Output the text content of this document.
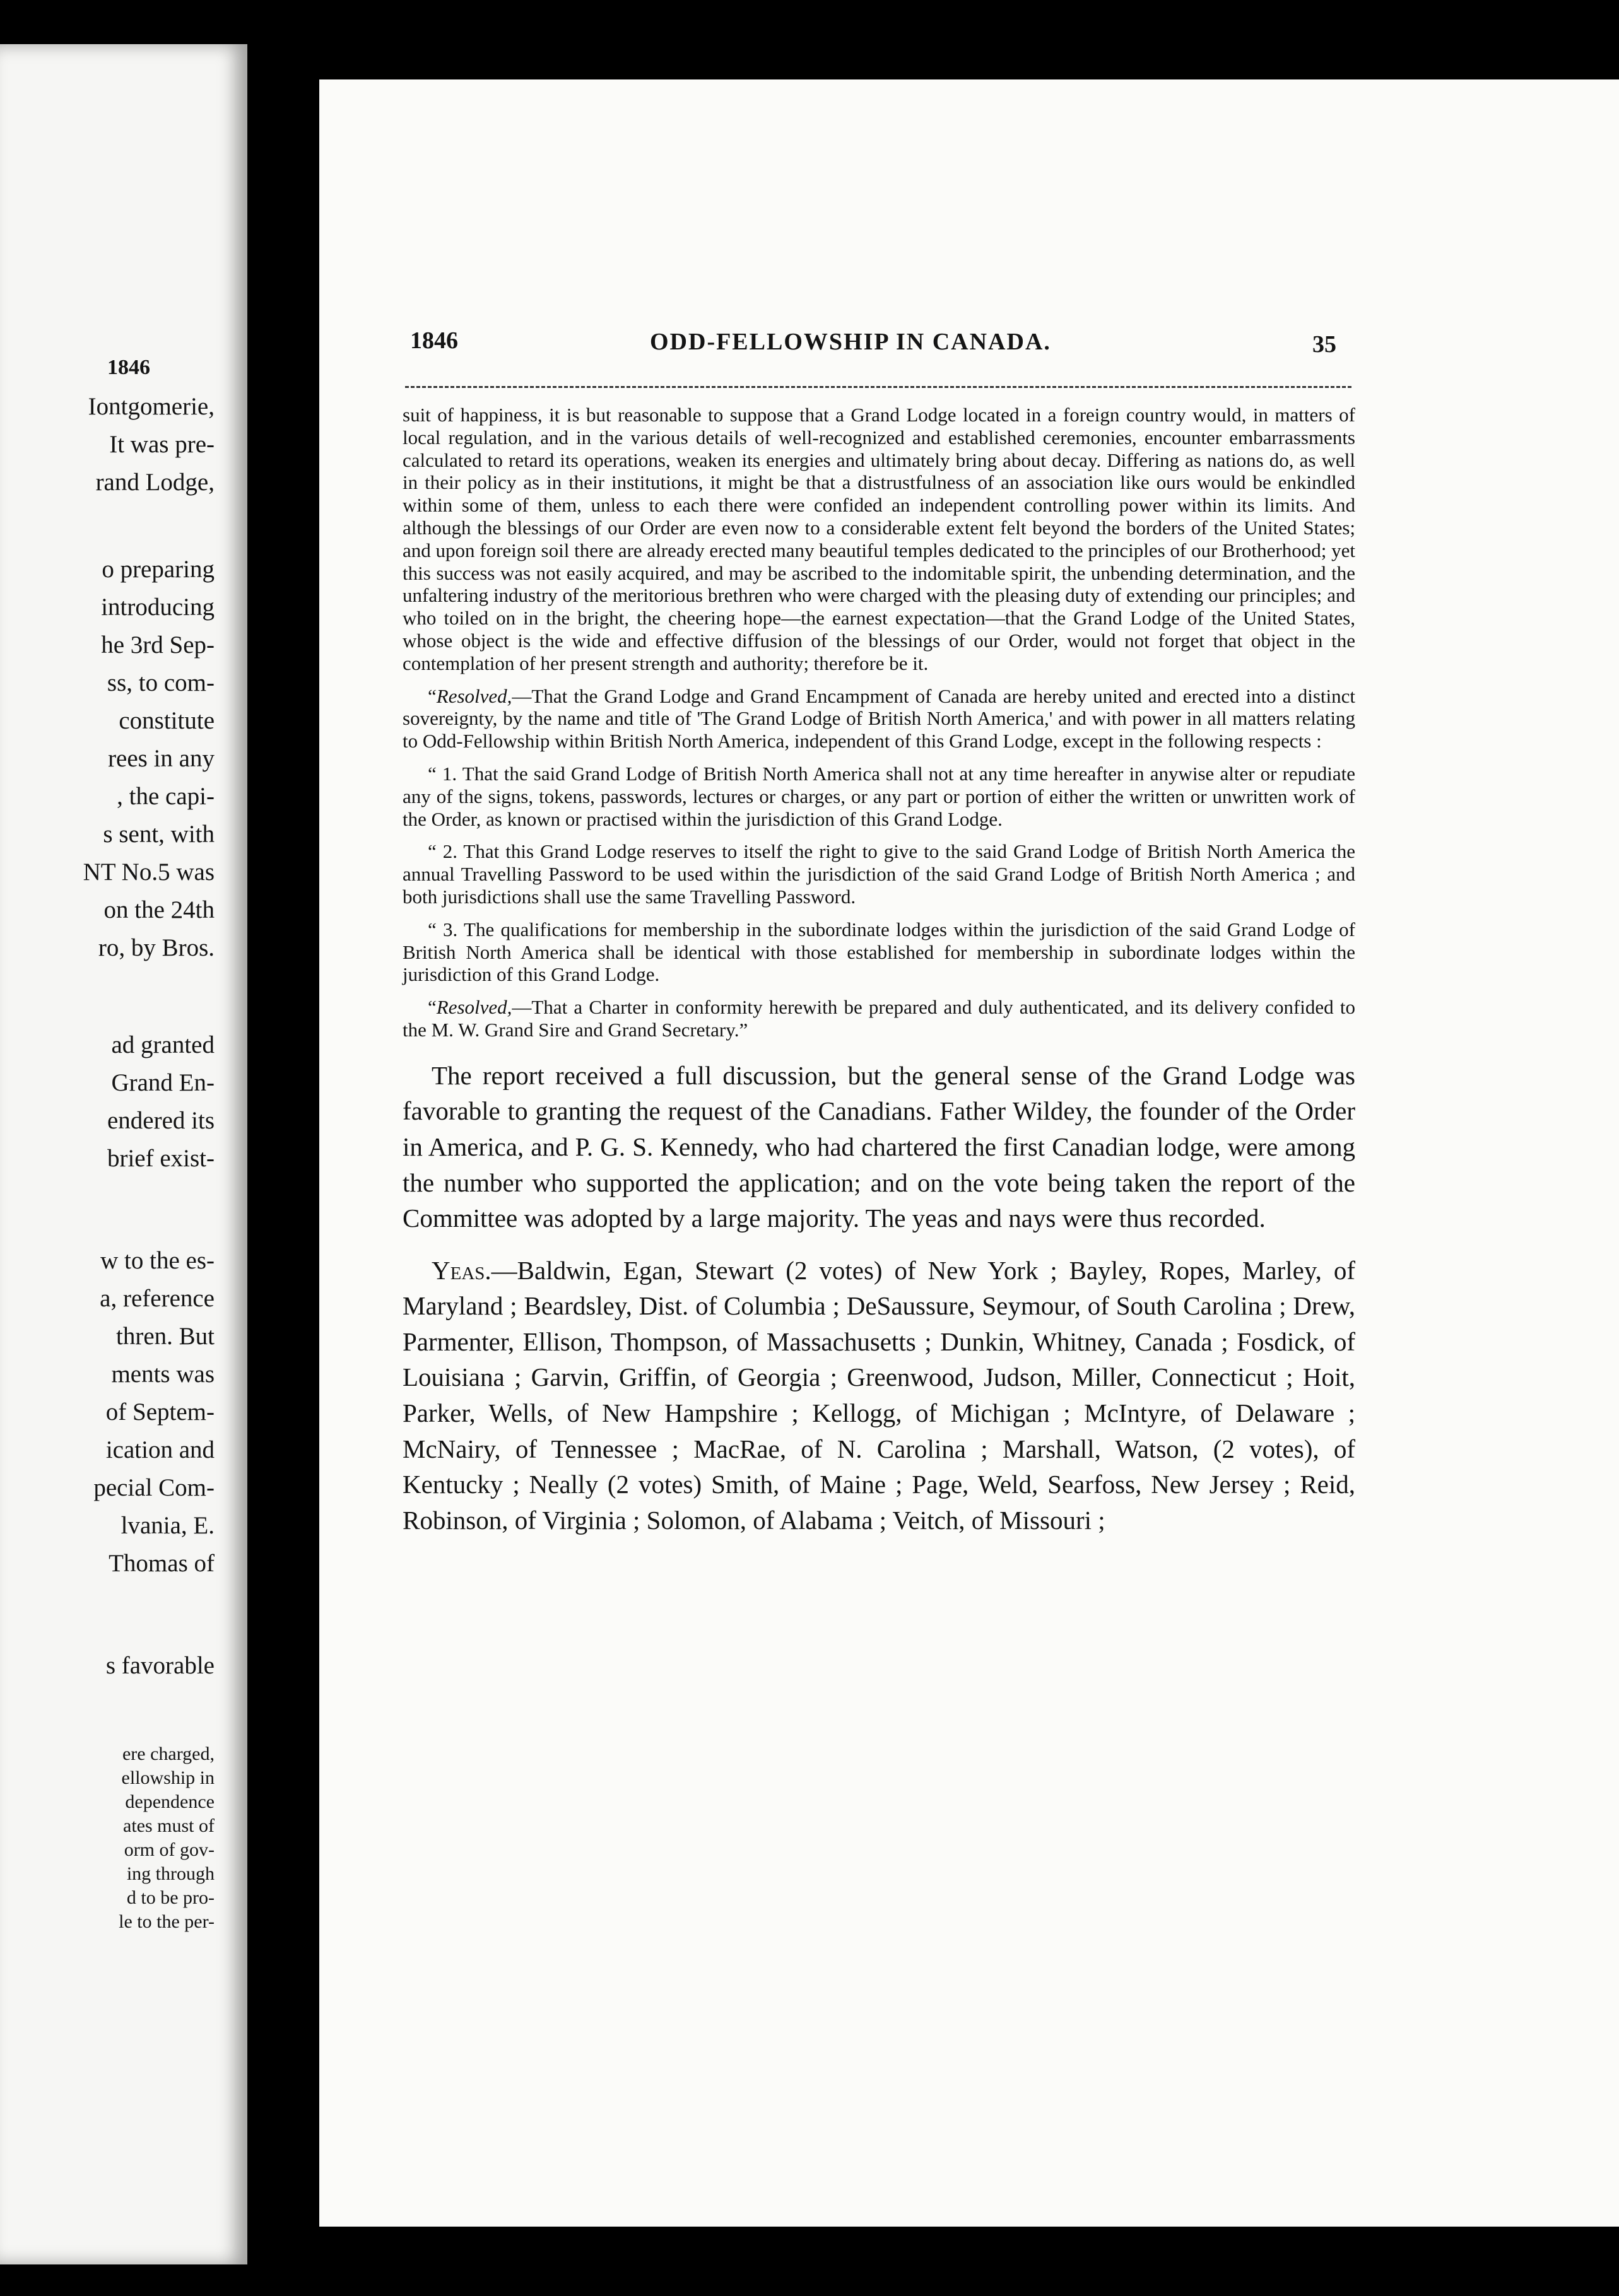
1846
Iontgomerie,
It was pre-
rand Lodge,
o preparing
introducing
he 3rd Sep-
ss, to com-
constitute
rees in any
, the capi-
s sent, with
NT No.5 was
on the 24th
ro, by Bros.
ad granted
Grand En-
endered its
brief exist-
w to the es-
a, reference
thren. But
ments was
of Septem-
ication and
pecial Com-
lvania, E.
Thomas of
s favorable
ere charged,
ellowship in
dependence
ates must of
orm of gov-
ing through
d to be pro-
le to the per-
1846	ODD-FELLOWSHIP IN CANADA.	35

suit of happiness, it is but reasonable to suppose that a Grand Lodge located in a foreign country would, in matters of local regulation, and in the various details of well-recognized and established ceremonies, encounter embarrassments calculated to retard its operations, weaken its energies and ultimately bring about decay. Differing as nations do, as well in their policy as in their institutions, it might be that a distrustfulness of an association like ours would be enkindled within some of them, unless to each there were confided an independent controlling power within its limits. And although the blessings of our Order are even now to a considerable extent felt beyond the borders of the United States; and upon foreign soil there are already erected many beautiful temples dedicated to the principles of our Brotherhood; yet this success was not easily acquired, and may be ascribed to the indomitable spirit, the unbending determination, and the unfaltering industry of the meritorious brethren who were charged with the pleasing duty of extending our principles; and who toiled on in the bright, the cheering hope—the earnest expectation—that the Grand Lodge of the United States, whose object is the wide and effective diffusion of the blessings of our Order, would not forget that object in the contemplation of her present strength and authority; therefore be it.

“Resolved,—That the Grand Lodge and Grand Encampment of Canada are hereby united and erected into a distinct sovereignty, by the name and title of 'The Grand Lodge of British North America,' and with power in all matters relating to Odd-Fellowship within British North America, independent of this Grand Lodge, except in the following respects :

“ 1. That the said Grand Lodge of British North America shall not at any time hereafter in anywise alter or repudiate any of the signs, tokens, passwords, lectures or charges, or any part or portion of either the written or unwritten work of the Order, as known or practised within the jurisdiction of this Grand Lodge.

“ 2. That this Grand Lodge reserves to itself the right to give to the said Grand Lodge of British North America the annual Travelling Password to be used within the jurisdiction of the said Grand Lodge of British North America ; and both jurisdictions shall use the same Travelling Password.

“ 3. The qualifications for membership in the subordinate lodges within the jurisdiction of the said Grand Lodge of British North America shall be identical with those established for membership in subordinate lodges within the jurisdiction of this Grand Lodge.

“Resolved,—That a Charter in conformity herewith be prepared and duly authenticated, and its delivery confided to the M. W. Grand Sire and Grand Secretary.”

The report received a full discussion, but the general sense of the Grand Lodge was favorable to granting the request of the Canadians. Father Wildey, the founder of the Order in America, and P. G. S. Kennedy, who had chartered the first Canadian lodge, were among the number who supported the application; and on the vote being taken the report of the Committee was adopted by a large majority. The yeas and nays were thus recorded.

Yeas.—Baldwin, Egan, Stewart (2 votes) of New York ; Bayley, Ropes, Marley, of Maryland ; Beardsley, Dist. of Columbia ; DeSaussure, Seymour, of South Carolina ; Drew, Parmenter, Ellison, Thompson, of Massachusetts ; Dunkin, Whitney, Canada ; Fosdick, of Louisiana ; Garvin, Griffin, of Georgia ; Greenwood, Judson, Miller, Connecticut ; Hoit, Parker, Wells, of New Hampshire ; Kellogg, of Michigan ; McIntyre, of Delaware ; McNairy, of Tennessee ; MacRae, of N. Carolina ; Marshall, Watson, (2 votes), of Kentucky ; Neally (2 votes) Smith, of Maine ; Page, Weld, Searfoss, New Jersey ; Reid, Robinson, of Virginia ; Solomon, of Alabama ; Veitch, of Missouri ;
